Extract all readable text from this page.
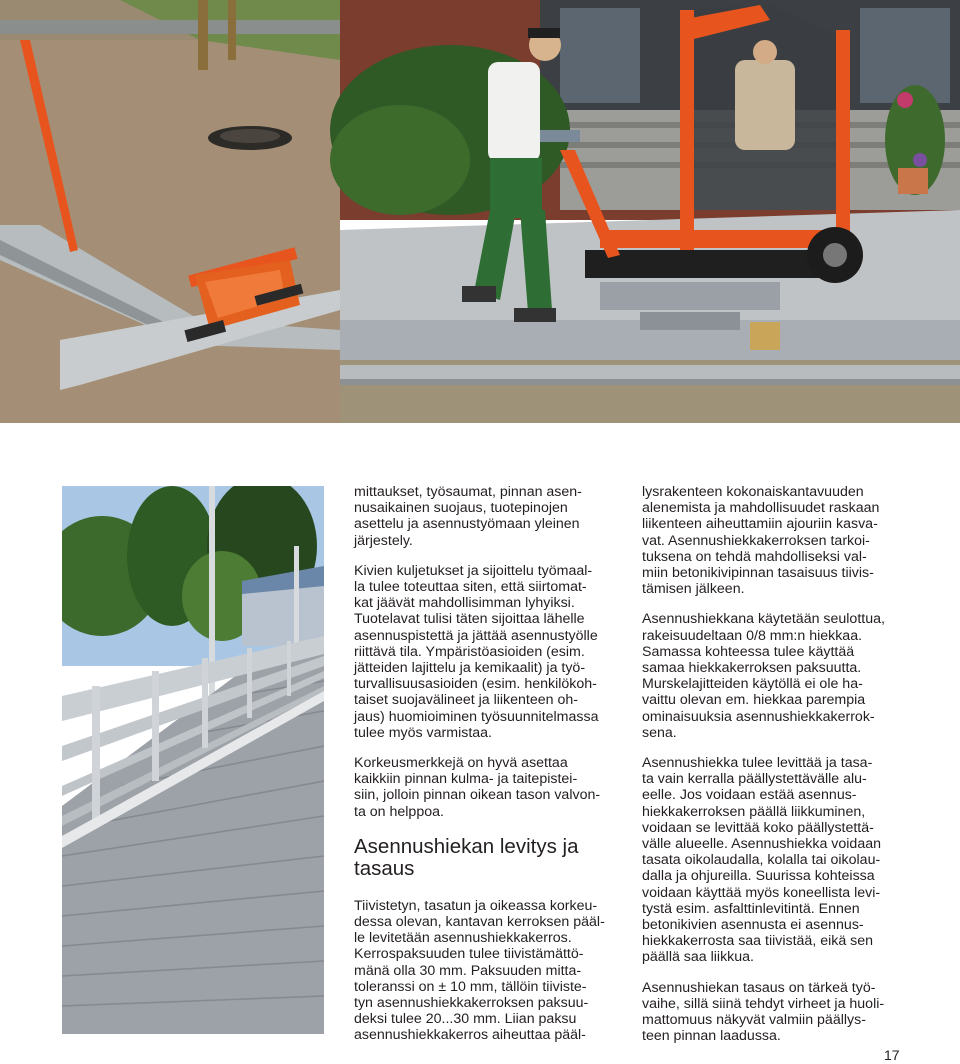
mittaukset, työsaumat, pinnan asen-
nusaikainen suojaus, tuotepinojen
asettelu ja asennustyömaan yleinen
järjestely.

Kivien kuljetukset ja sijoittelu työmaal-
la tulee toteuttaa siten, että siirtomat-
kat jäävät mahdollisimman lyhyiksi.
Tuotelavat tulisi täten sijoittaa lähelle
asennuspistettä ja jättää asennustyölle
riittävä tila. Ympäristöasioiden (esim.
jätteiden lajittelu ja kemikaalit) ja työ-
turvallisuusasioiden (esim. henkilökoh-
taiset suojavälineet ja liikenteen oh-
jaus) huomioiminen työsuunnitelmassa
tulee myös varmistaa.

Korkeusmerkkejä on hyvä asettaa
kaikkiin pinnan kulma- ja taitepistei-
siin, jolloin pinnan oikean tason valvon-
ta on helppoa.

Asennushiekan levitys ja
tasaus

Tiivistetyn, tasatun ja oikeassa korkeu-
dessa olevan, kantavan kerroksen pääl-
le levitetään asennushiekkakerros.
Kerrospaksuuden tulee tiivistämättö-
mänä olla 30 mm. Paksuuden mitta-
toleranssi on ± 10 mm, tällöin tiiviste-
tyn asennushiekkakerroksen paksuu-
deksi tulee 20...30 mm. Liian paksu
asennushiekkakerros aiheuttaa pääl-

lysrakenteen kokonaiskantavuuden
alenemista ja mahdollisuudet raskaan
liikenteen aiheuttamiin ajouriin kasva-
vat. Asennushiekkakerroksen tarkoi-
tuksena on tehdä mahdolliseksi val-
miin betonikivipinnan tasaisuus tiivis-
tämisen jälkeen.

Asennushiekkana käytetään seulottua,
rakeisuudeltaan 0/8 mm:n hiekkaa.
Samassa kohteessa tulee käyttää
samaa hiekkakerroksen paksuutta.
Murskelajitteiden käytöllä ei ole ha-
vaittu olevan em. hiekkaa parempia
ominaisuuksia asennushiekkakerrok-
sena.

Asennushiekka tulee levittää ja tasa-
ta vain kerralla päällystettävälle alu-
eelle. Jos voidaan estää asennus-
hiekkakerroksen päällä liikkuminen,
voidaan se levittää koko päällystettä-
välle alueelle. Asennushiekka voidaan
tasata oikolaudalla, kolalla tai oikolau-
dalla ja ohjureilla. Suurissa kohteissa
voidaan käyttää myös koneellista levi-
tystä esim. asfalttinlevitintä. Ennen
betonikivien asennusta ei asennus-
hiekkakerrosta saa tiivistää, eikä sen
päällä saa liikkua.

Asennushiekan tasaus on tärkeä työ-
vaihe, sillä siinä tehdyt virheet ja huoli-
mattomuus näkyvät valmiin päällys-
teen pinnan laadussa.

17
